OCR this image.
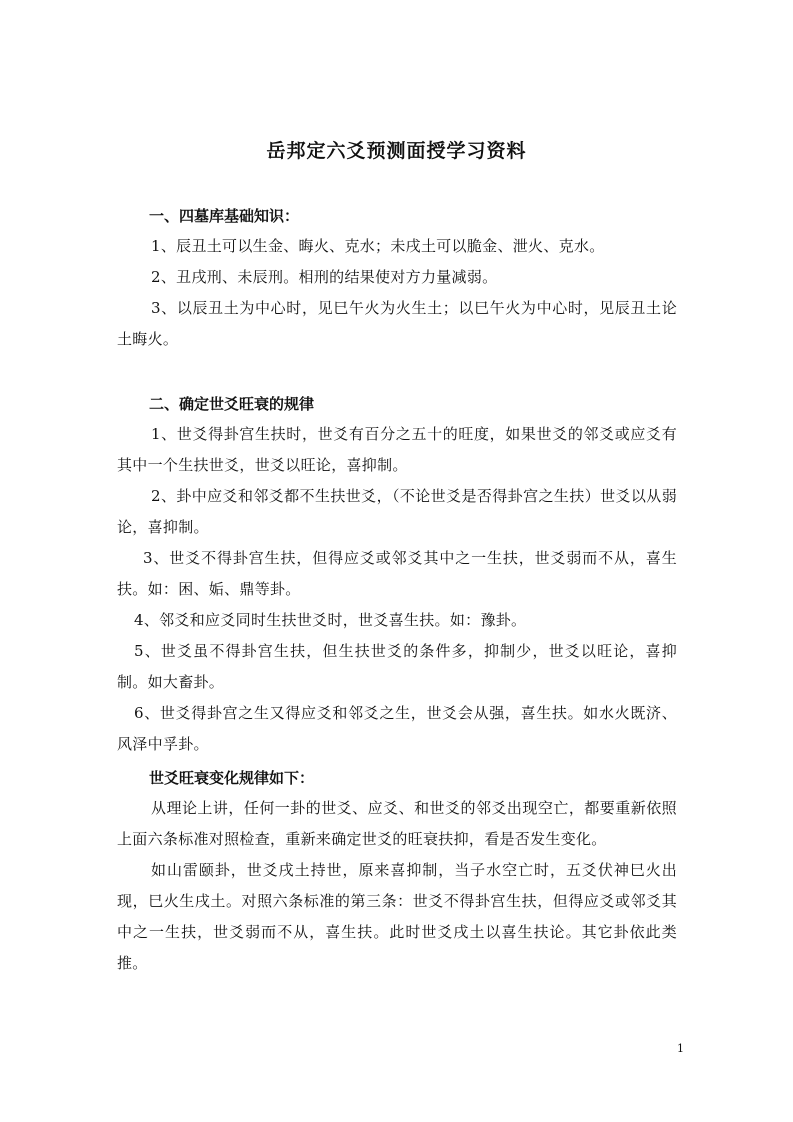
岳邦定六爻预测面授学习资料
一、四墓库基础知识：
1、辰丑土可以生金、晦火、克水；未戌土可以脆金、泄火、克水。
2、丑戌刑、未辰刑。相刑的结果使对方力量减弱。
3、以辰丑土为中心时，见巳午火为火生土；以巳午火为中心时，见辰丑土论土晦火。
二、确定世爻旺衰的规律
1、世爻得卦宫生扶时，世爻有百分之五十的旺度，如果世爻的邻爻或应爻有其中一个生扶世爻，世爻以旺论，喜抑制。
2、卦中应爻和邻爻都不生扶世爻，（不论世爻是否得卦宫之生扶）世爻以从弱论，喜抑制。
3、世爻不得卦宫生扶，但得应爻或邻爻其中之一生扶，世爻弱而不从，喜生扶。如：困、姤、鼎等卦。
4、邻爻和应爻同时生扶世爻时，世爻喜生扶。如：豫卦。
5、世爻虽不得卦宫生扶，但生扶世爻的条件多，抑制少，世爻以旺论，喜抑制。如大畜卦。
6、世爻得卦宫之生又得应爻和邻爻之生，世爻会从强，喜生扶。如水火既济、风泽中孚卦。
世爻旺衰变化规律如下：
从理论上讲，任何一卦的世爻、应爻、和世爻的邻爻出现空亡，都要重新依照上面六条标准对照检查，重新来确定世爻的旺衰扶抑，看是否发生变化。
如山雷颐卦，世爻戌土持世，原来喜抑制，当子水空亡时，五爻伏神巳火出现，巳火生戌土。对照六条标准的第三条：世爻不得卦宫生扶，但得应爻或邻爻其中之一生扶，世爻弱而不从，喜生扶。此时世爻戌土以喜生扶论。其它卦依此类推。
1
